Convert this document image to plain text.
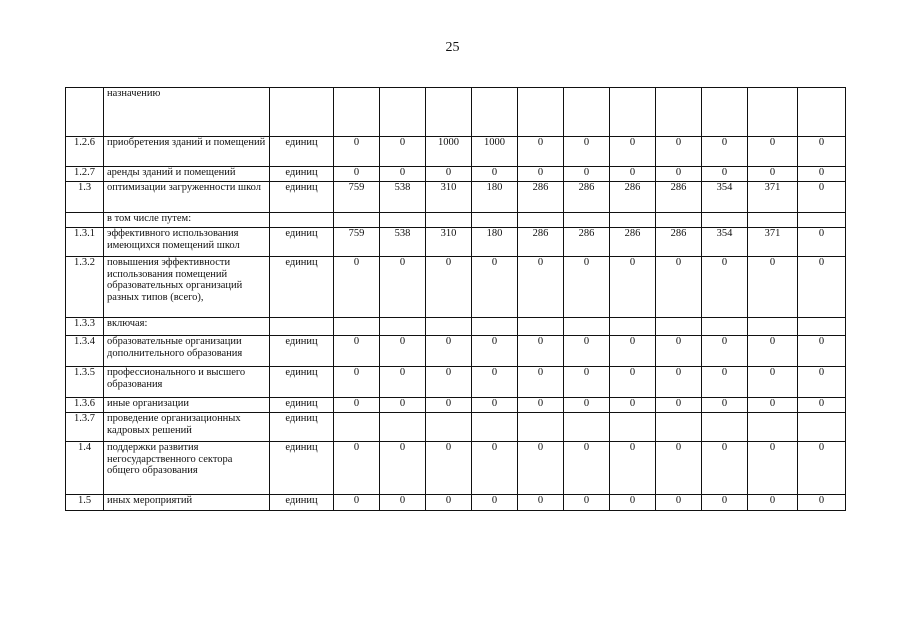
25
	назначению												
1.2.6	приобретения зданий и помещений	единиц	0	0	1000	1000	0	0	0	0	0	0	0
1.2.7	аренды зданий и помещений	единиц	0	0	0	0	0	0	0	0	0	0	0
1.3	оптимизации загруженности школ	единиц	759	538	310	180	286	286	286	286	354	371	0
	в том числе путем:												
1.3.1	эффективного использования имеющихся помещений школ	единиц	759	538	310	180	286	286	286	286	354	371	0
1.3.2	повышения эффективности использования помещений образовательных организаций разных типов (всего),	единиц	0	0	0	0	0	0	0	0	0	0	0
1.3.3	включая:												
1.3.4	образовательные организации дополнительного образования	единиц	0	0	0	0	0	0	0	0	0	0	0
1.3.5	профессионального и высшего образования	единиц	0	0	0	0	0	0	0	0	0	0	0
1.3.6	иные организации	единиц	0	0	0	0	0	0	0	0	0	0	0
1.3.7	проведение организационных кадровых решений	единиц											
1.4	поддержки развития негосударственного сектора общего образования	единиц	0	0	0	0	0	0	0	0	0	0	0
1.5	иных мероприятий	единиц	0	0	0	0	0	0	0	0	0	0	0
